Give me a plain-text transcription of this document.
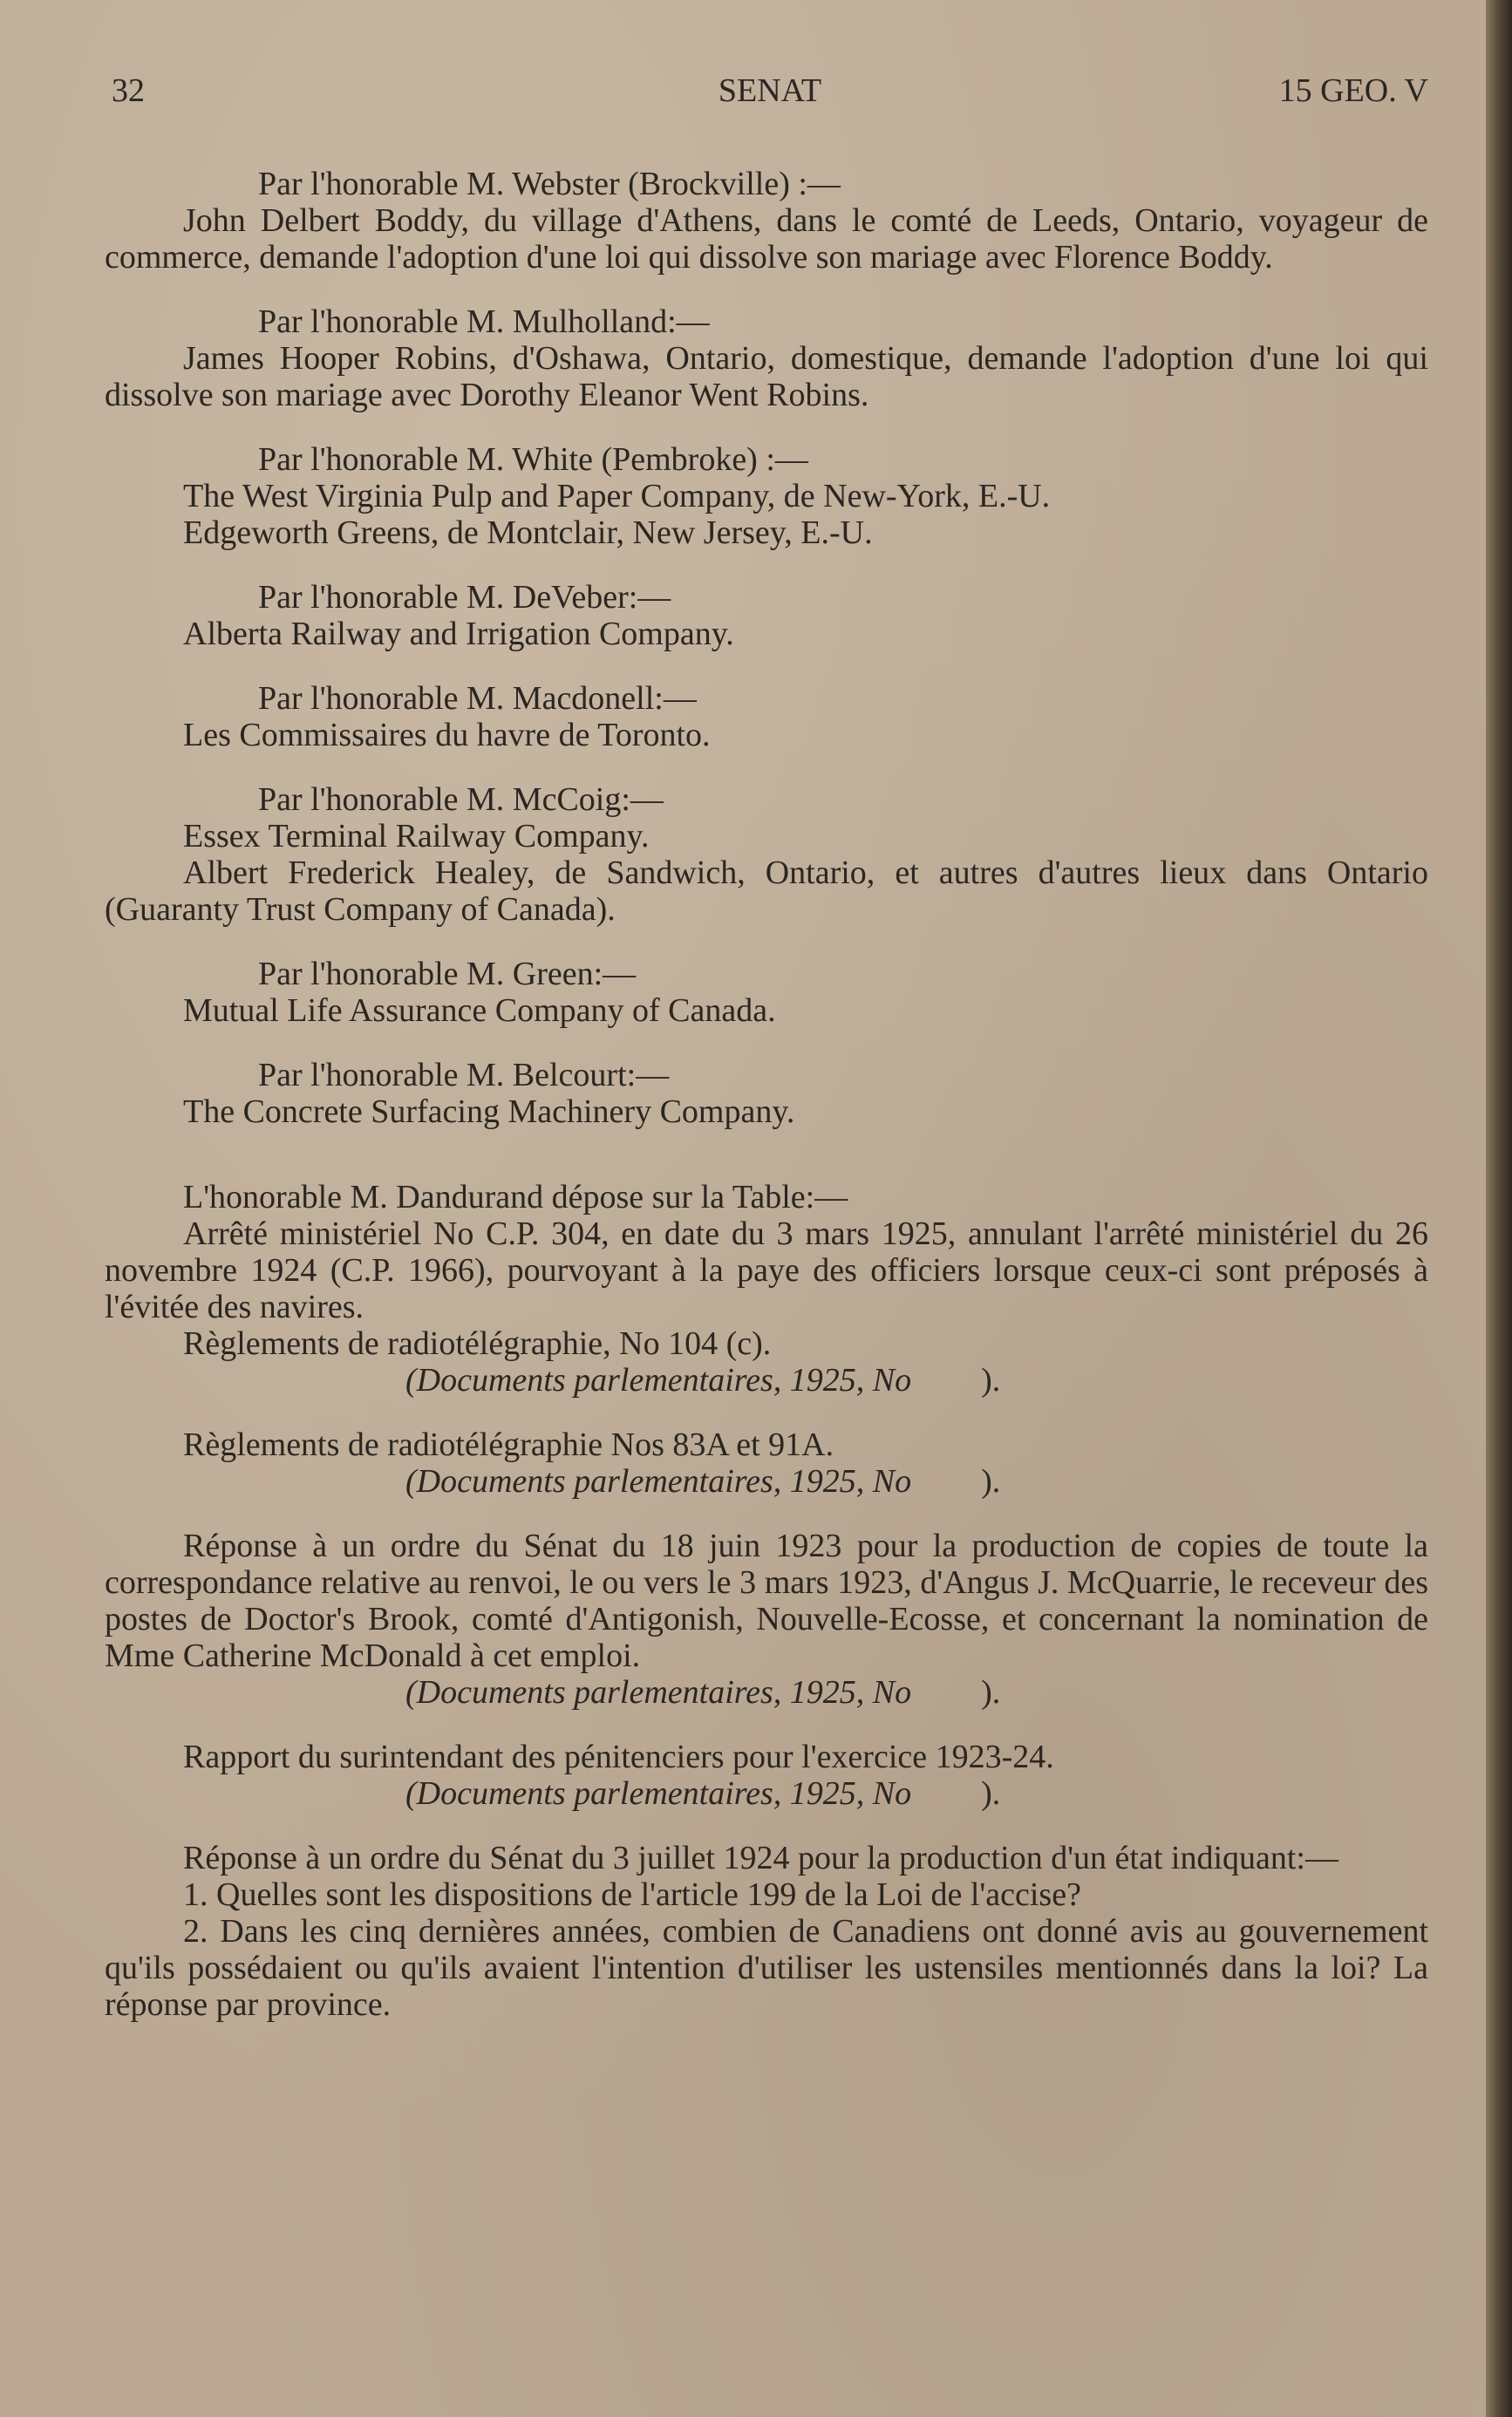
32	SENAT	15 GEO. V

Par l'honorable M. Webster (Brockville) :—

John Delbert Boddy, du village d'Athens, dans le comté de Leeds, Ontario, voyageur de commerce, demande l'adoption d'une loi qui dissolve son mariage avec Florence Boddy.

Par l'honorable M. Mulholland:—

James Hooper Robins, d'Oshawa, Ontario, domestique, demande l'adoption d'une loi qui dissolve son mariage avec Dorothy Eleanor Went Robins.

Par l'honorable M. White (Pembroke) :—

The West Virginia Pulp and Paper Company, de New-York, E.-U.

Edgeworth Greens, de Montclair, New Jersey, E.-U.

Par l'honorable M. DeVeber:—

Alberta Railway and Irrigation Company.

Par l'honorable M. Macdonell:—

Les Commissaires du havre de Toronto.

Par l'honorable M. McCoig:—

Essex Terminal Railway Company.

Albert Frederick Healey, de Sandwich, Ontario, et autres d'autres lieux dans Ontario (Guaranty Trust Company of Canada).

Par l'honorable M. Green:—

Mutual Life Assurance Company of Canada.

Par l'honorable M. Belcourt:—

The Concrete Surfacing Machinery Company.

L'honorable M. Dandurand dépose sur la Table:—

Arrêté ministériel No C.P. 304, en date du 3 mars 1925, annulant l'arrêté ministériel du 26 novembre 1924 (C.P. 1966), pourvoyant à la paye des officiers lorsque ceux-ci sont préposés à l'évitée des navires.

Règlements de radiotélégraphie, No 104 (c).

(Documents parlementaires, 1925, No ).

Règlements de radiotélégraphie Nos 83A et 91A.

(Documents parlementaires, 1925, No ).

Réponse à un ordre du Sénat du 18 juin 1923 pour la production de copies de toute la correspondance relative au renvoi, le ou vers le 3 mars 1923, d'Angus J. McQuarrie, le receveur des postes de Doctor's Brook, comté d'Antigonish, Nouvelle-Ecosse, et concernant la nomination de Mme Catherine McDonald à cet emploi.

(Documents parlementaires, 1925, No ).

Rapport du surintendant des pénitenciers pour l'exercice 1923-24.

(Documents parlementaires, 1925, No ).

Réponse à un ordre du Sénat du 3 juillet 1924 pour la production d'un état indiquant:—

1. Quelles sont les dispositions de l'article 199 de la Loi de l'accise?

2. Dans les cinq dernières années, combien de Canadiens ont donné avis au gouvernement qu'ils possédaient ou qu'ils avaient l'intention d'utiliser les ustensiles mentionnés dans la loi? La réponse par province.
